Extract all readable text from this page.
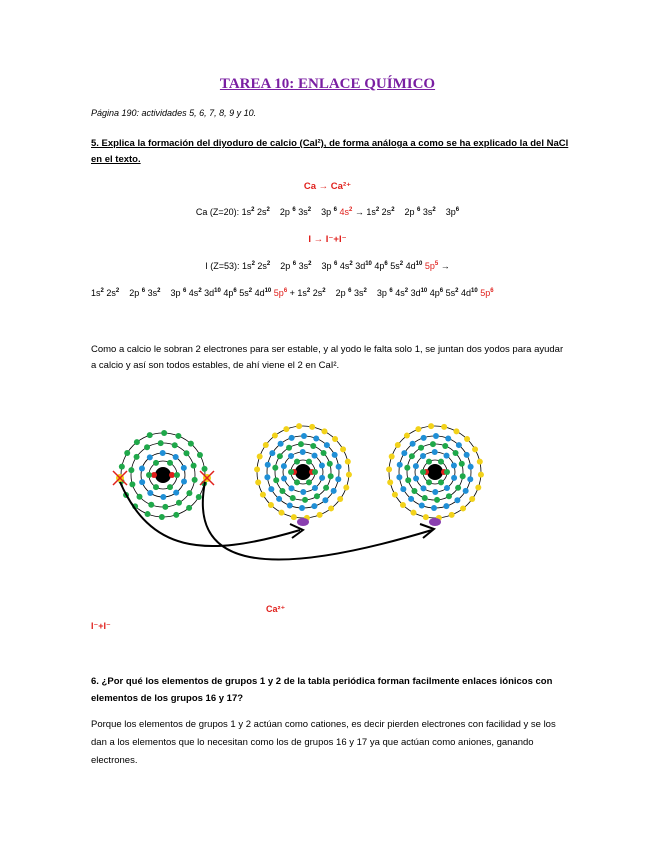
TAREA 10: ENLACE QUÍMICO
Página 190: actividades 5, 6, 7, 8, 9 y 10.
5. Explica la formación del diyoduro de calcio (CaI²), de forma análoga a como se ha explicado la del NaCl en el texto.
Ca → Ca²⁺
Ca (Z=20): $1s^2$ $2s^2$    2p $^6$ $3s^2$    3p $^6$ $4s^2 \to 1s^2$ $2s^2$    2p $^6$ $3s^2$    $3p^6$
I → I⁻+I⁻
I (Z=53): $1s^2$ $2s^2$    2p $^6$ $3s^2$    3p $^6$ $4s^2$ $3d^{10}$ $4p^6$ $5s^2$ $4d^{10}$ $5p^5$ →
$1s^2$ $2s^2$    2p $^6$ $3s^2$    3p $^6$ $4s^2$ $3d^{10}$ $4p^6$ $5s^2$ $4d^{10}$ $5p^6 + 1s^2$ $2s^2$    2p $^6$ $3s^2$    3p $^6$ $4s^2$ $3d^{10}$ $4p^6$ $5s^2$ $4d^{10}$ $5p^6$
Como a calcio le sobran 2 electrones para ser estable, y al yodo le falta solo 1, se juntan dos yodos para ayudar a calcio y así son todos estables, de ahí viene el 2 en CaI².
Ca²⁺
I⁻+I⁻
6. ¿Por qué los elementos de grupos 1 y 2 de la tabla periódica forman facilmente enlaces iónicos con elementos de los grupos 16 y 17?
Porque los elementos de grupos 1 y 2 actúan como cationes, es decir pierden electrones con facilidad y se los dan a los elementos que lo necesitan como los de grupos 16 y 17 ya que actúan como aniones, ganando electrones.
